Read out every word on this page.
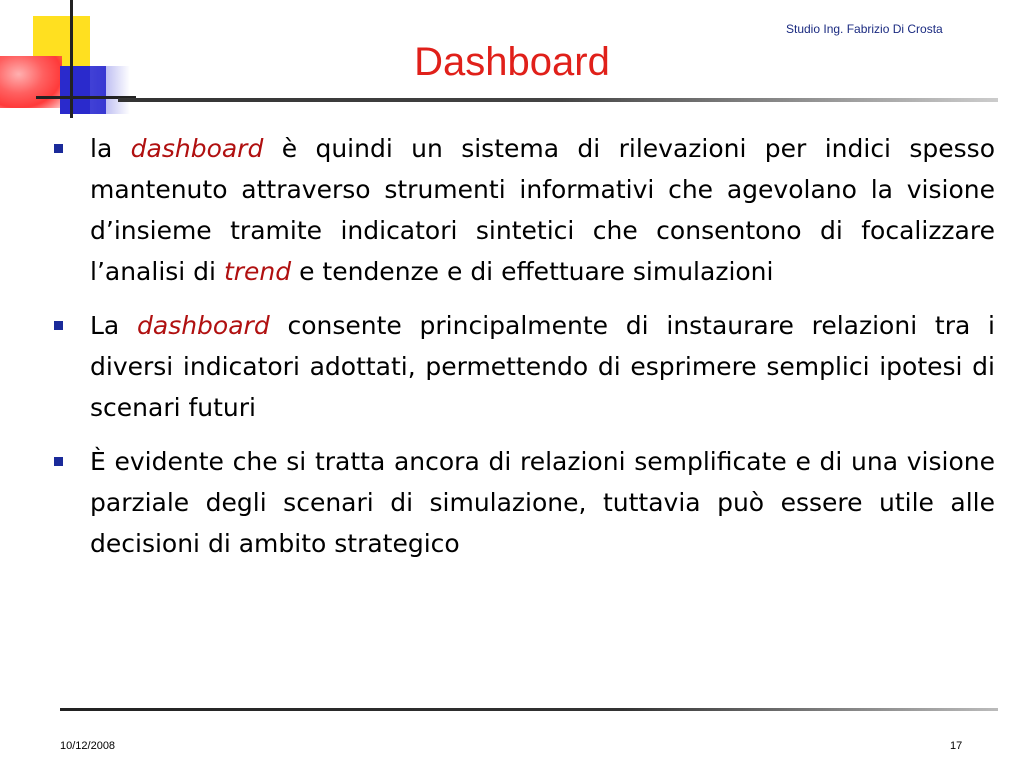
Studio Ing. Fabrizio Di Crosta
Dashboard
la dashboard è quindi un sistema di rilevazioni per indici spesso mantenuto attraverso strumenti informativi che agevolano la visione d’insieme tramite indicatori sintetici che consentono di focalizzare l’analisi di trend e tendenze e di effettuare simulazioni
La dashboard consente principalmente di instaurare relazioni tra i diversi indicatori adottati, permettendo di esprimere semplici ipotesi di scenari futuri
È evidente che si tratta ancora di relazioni semplificate e di una visione parziale degli scenari di simulazione, tuttavia può essere utile alle decisioni di ambito strategico
10/12/2008	17
